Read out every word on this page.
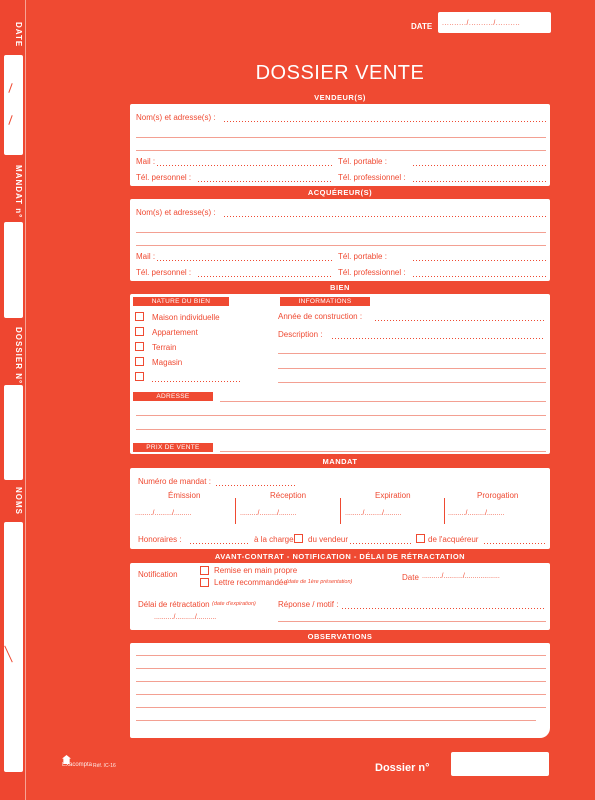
DATE
MANDAT n°
DOSSIER N°
NOMS
DATE ........../........../..........
DOSSIER VENTE
VENDEUR(S)
Nom(s) et adresse(s) :
Mail :	Tél. portable :
Tél. personnel :	Tél. professionnel :
ACQUÉREUR(S)
Nom(s) et adresse(s) :
Mail :	Tél. portable :
Tél. personnel :	Tél. professionnel :
BIEN
NATURE DU BIEN	INFORMATIONS
Maison individuelle
Appartement
Terrain
Magasin
Année de construction :
Description :
ADRESSE
PRIX DE VENTE
MANDAT
Numéro de mandat :
Émission	Réception	Expiration	Prorogation
........./........./.........	........./........./.........	........./........./.........	........./........./.........
Honoraires :	à la charge du vendeur	de l'acquéreur
AVANT-CONTRAT - NOTIFICATION - DÉLAI DE RÉTRACTATION
Notification	Remise en main propre
Lettre recommandée
(date de 1ère présentation)	Date ........../........../..................
Délai de rétractation (date d'expiration)
........../........../..........
Réponse / motif :
OBSERVATIONS
Exacompta Réf. IC-16	Dossier n°
